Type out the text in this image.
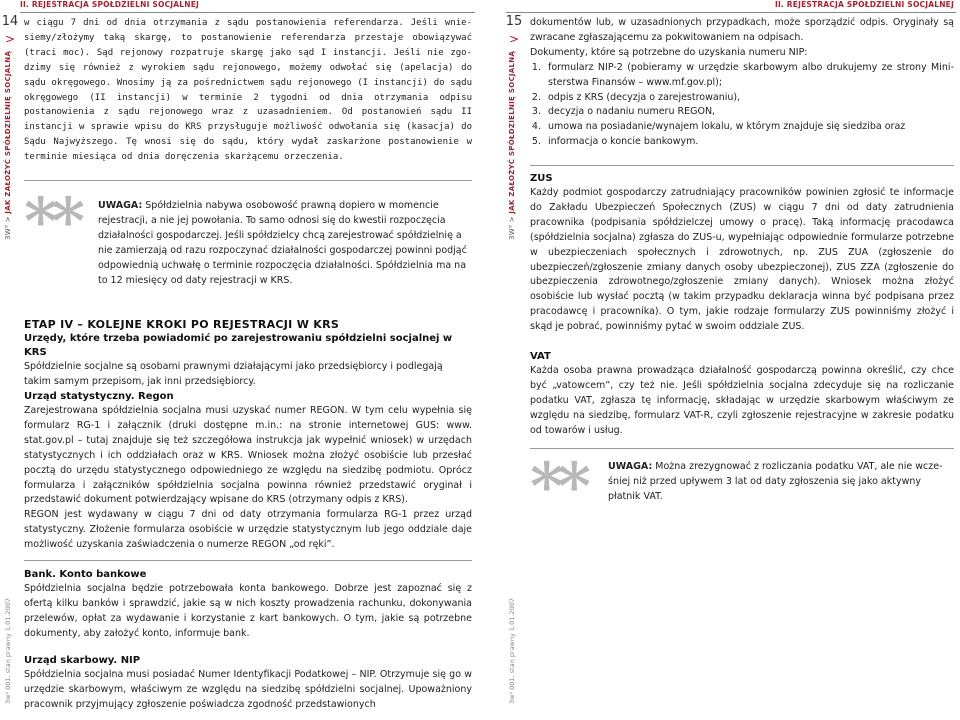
II. REJESTRACJA SPÓŁDZIELNI SOCJALNEJ
14
>
3W³ > JAK ZAŁOŻYĆ SPÓŁDZIELNIĘ SOCJALNĄ
3w³ 001, stan prawny 1.01.2007

w ciągu 7 dni od dnia otrzymania z sądu postanowienia referendarza. Jeśli wniesiemy/złożymy taką skargę, to postanowienie referendarza przestaje obowiązywać (traci moc). Sąd rejonowy rozpatruje skargę jako sąd I instancji. Jeśli nie zgodzimy się również z wyrokiem sądu rejonowego, możemy odwołać się (apelacja) do sądu okręgowego. Wnosimy ją za pośrednictwem sądu rejonowego (I instancji) do sądu okręgowego (II instancji) w terminie 2 tygodni od dnia otrzymania odpisu postanowienia z sądu rejonowego wraz z uzasadnieniem. Od postanowień sądu II instancji w sprawie wpisu do KRS przysługuje możliwość odwołania się (kasacja) do Sądu Najwyższego. Tę wnosi się do sądu, który wydał zaskarżone postanowienie w terminie miesiąca od dnia doręczenia skarżącemu orzeczenia.

** UWAGA: Spółdzielnia nabywa osobowość prawną dopiero w momencie rejestracji, a nie jej powołania. To samo odnosi się do kwestii rozpoczęcia działalności gospodarczej. Jeśli spółdzielcy chcą zarejestrować spółdzielnię a nie zamierzają od razu rozpoczynać działalności gospodarczej powinni podjąć odpowiednią uchwałę o terminie rozpoczęcia działalności. Spółdzielnia ma na to 12 miesięcy od daty rejestracji w KRS.
ETAP IV – KOLEJNE KROKI PO REJESTRACJI W KRS
Urzędy, które trzeba powiadomić po zarejestrowaniu spółdzielni socjalnej w KRS

Spółdzielnie socjalne są osobami prawnymi działającymi jako przedsiębiorcy i podlegają takim samym przepisom, jak inni przedsiębiorcy.

Urząd statystyczny. Regon

Zarejestrowana spółdzielnia socjalna musi uzyskać numer REGON. W tym celu wypełnia się formularz RG-1 i załącznik (druki dostępne m.in.: na stronie internetowej GUS: www. stat.gov.pl – tutaj znajduje się też szczegółowa instrukcja jak wypełnić wniosek) w urzędach statystycznych i ich oddziałach oraz w KRS. Wniosek można złożyć osobiście lub przesłać pocztą do urzędu statystycznego odpowiedniego ze względu na siedzibę podmiotu. Oprócz formularza i załączników spółdzielnia socjalna powinna również przedstawić oryginał i przedstawić dokument potwierdzający wpisane do KRS (otrzymany odpis z KRS).

REGON jest wydawany w ciągu 7 dni od daty otrzymania formularza RG-1 przez urząd statystyczny. Złożenie formularza osobiście w urzędzie statystycznym lub jego oddziale daje możliwość uzyskania zaświadczenia o numerze REGON „od ręki”.

Bank. Konto bankowe

Spółdzielnia socjalna będzie potrzebowała konta bankowego. Dobrze jest zapoznać się z ofertą kilku banków i sprawdzić, jakie są w nich koszty prowadzenia rachunku, dokonywania przelewów, opłat za wydawanie i korzystanie z kart bankowych. O tym, jakie są potrzebne dokumenty, aby założyć konto, informuje bank.

Urząd skarbowy. NIP

Spółdzielnia socjalna musi posiadać Numer Identyfikacji Podatkowej – NIP. Otrzymuje się go w urzędzie skarbowym, właściwym ze względu na siedzibę spółdzielni socjalnej. Upoważniony pracownik przyjmujący zgłoszenie poświadcza zgodność przedstawionych

II. REJESTRACJA SPÓŁDZIELNI SOCJALNEJ
15
>
3W³ > JAK ZAŁOŻYĆ SPÓŁDZIELNIĘ SOCJALNĄ
3w³ 001, stan prawny 1.01.2007

dokumentów lub, w uzasadnionych przypadkach, może sporządzić odpis. Oryginały są zwracane zgłaszającemu za pokwitowaniem na odpisach.

Dokumenty, które są potrzebne do uzyskania numeru NIP:

1. formularz NIP-2 (pobieramy w urzędzie skarbowym albo drukujemy ze strony Ministerstwa Finansów – www.mf.gov.pl);
2. odpis z KRS (decyzja o zarejestrowaniu),
3. decyzja o nadaniu numeru REGON,
4. umowa na posiadanie/wynajem lokalu, w którym znajduje się siedziba oraz
5. informacja o koncie bankowym.

ZUS

Każdy podmiot gospodarczy zatrudniający pracowników powinien zgłosić te informacje do Zakładu Ubezpieczeń Społecznych (ZUS) w ciągu 7 dni od daty zatrudnienia pracownika (podpisania spółdzielczej umowy o pracę). Taką informację pracodawca (spółdzielnia socjalna) zgłasza do ZUS-u, wypełniając odpowiednie formularze potrzebne w ubezpieczeniach społecznych i zdrowotnych, np. ZUS ZUA (zgłoszenie do ubezpieczeń/zgłoszenie zmiany danych osoby ubezpieczonej), ZUS ZZA (zgłoszenie do ubezpieczenia zdrowotnego/zgłoszenie zmiany danych). Wniosek można złożyć osobiście lub wysłać pocztą (w takim przypadku deklaracja winna być podpisana przez pracodawcę i pracownika). O tym, jakie rodzaje formularzy ZUS powinniśmy złożyć i skąd je pobrać, powinniśmy pytać w swoim oddziale ZUS.

VAT

Każda osoba prawna prowadząca działalność gospodarczą powinna określić, czy chce być „vatowcem”, czy też nie. Jeśli spółdzielnia socjalna zdecyduje się na rozliczanie podatku VAT, zgłasza tę informację, składając w urzędzie skarbowym właściwym ze względu na siedzibę, formularz VAT-R, czyli zgłoszenie rejestracyjne w zakresie podatku od towarów i usług.

** UWAGA: Można zrezygnować z rozliczania podatku VAT, ale nie wcześniej niż przed upływem 3 lat od daty zgłoszenia się jako aktywny płatnik VAT.
